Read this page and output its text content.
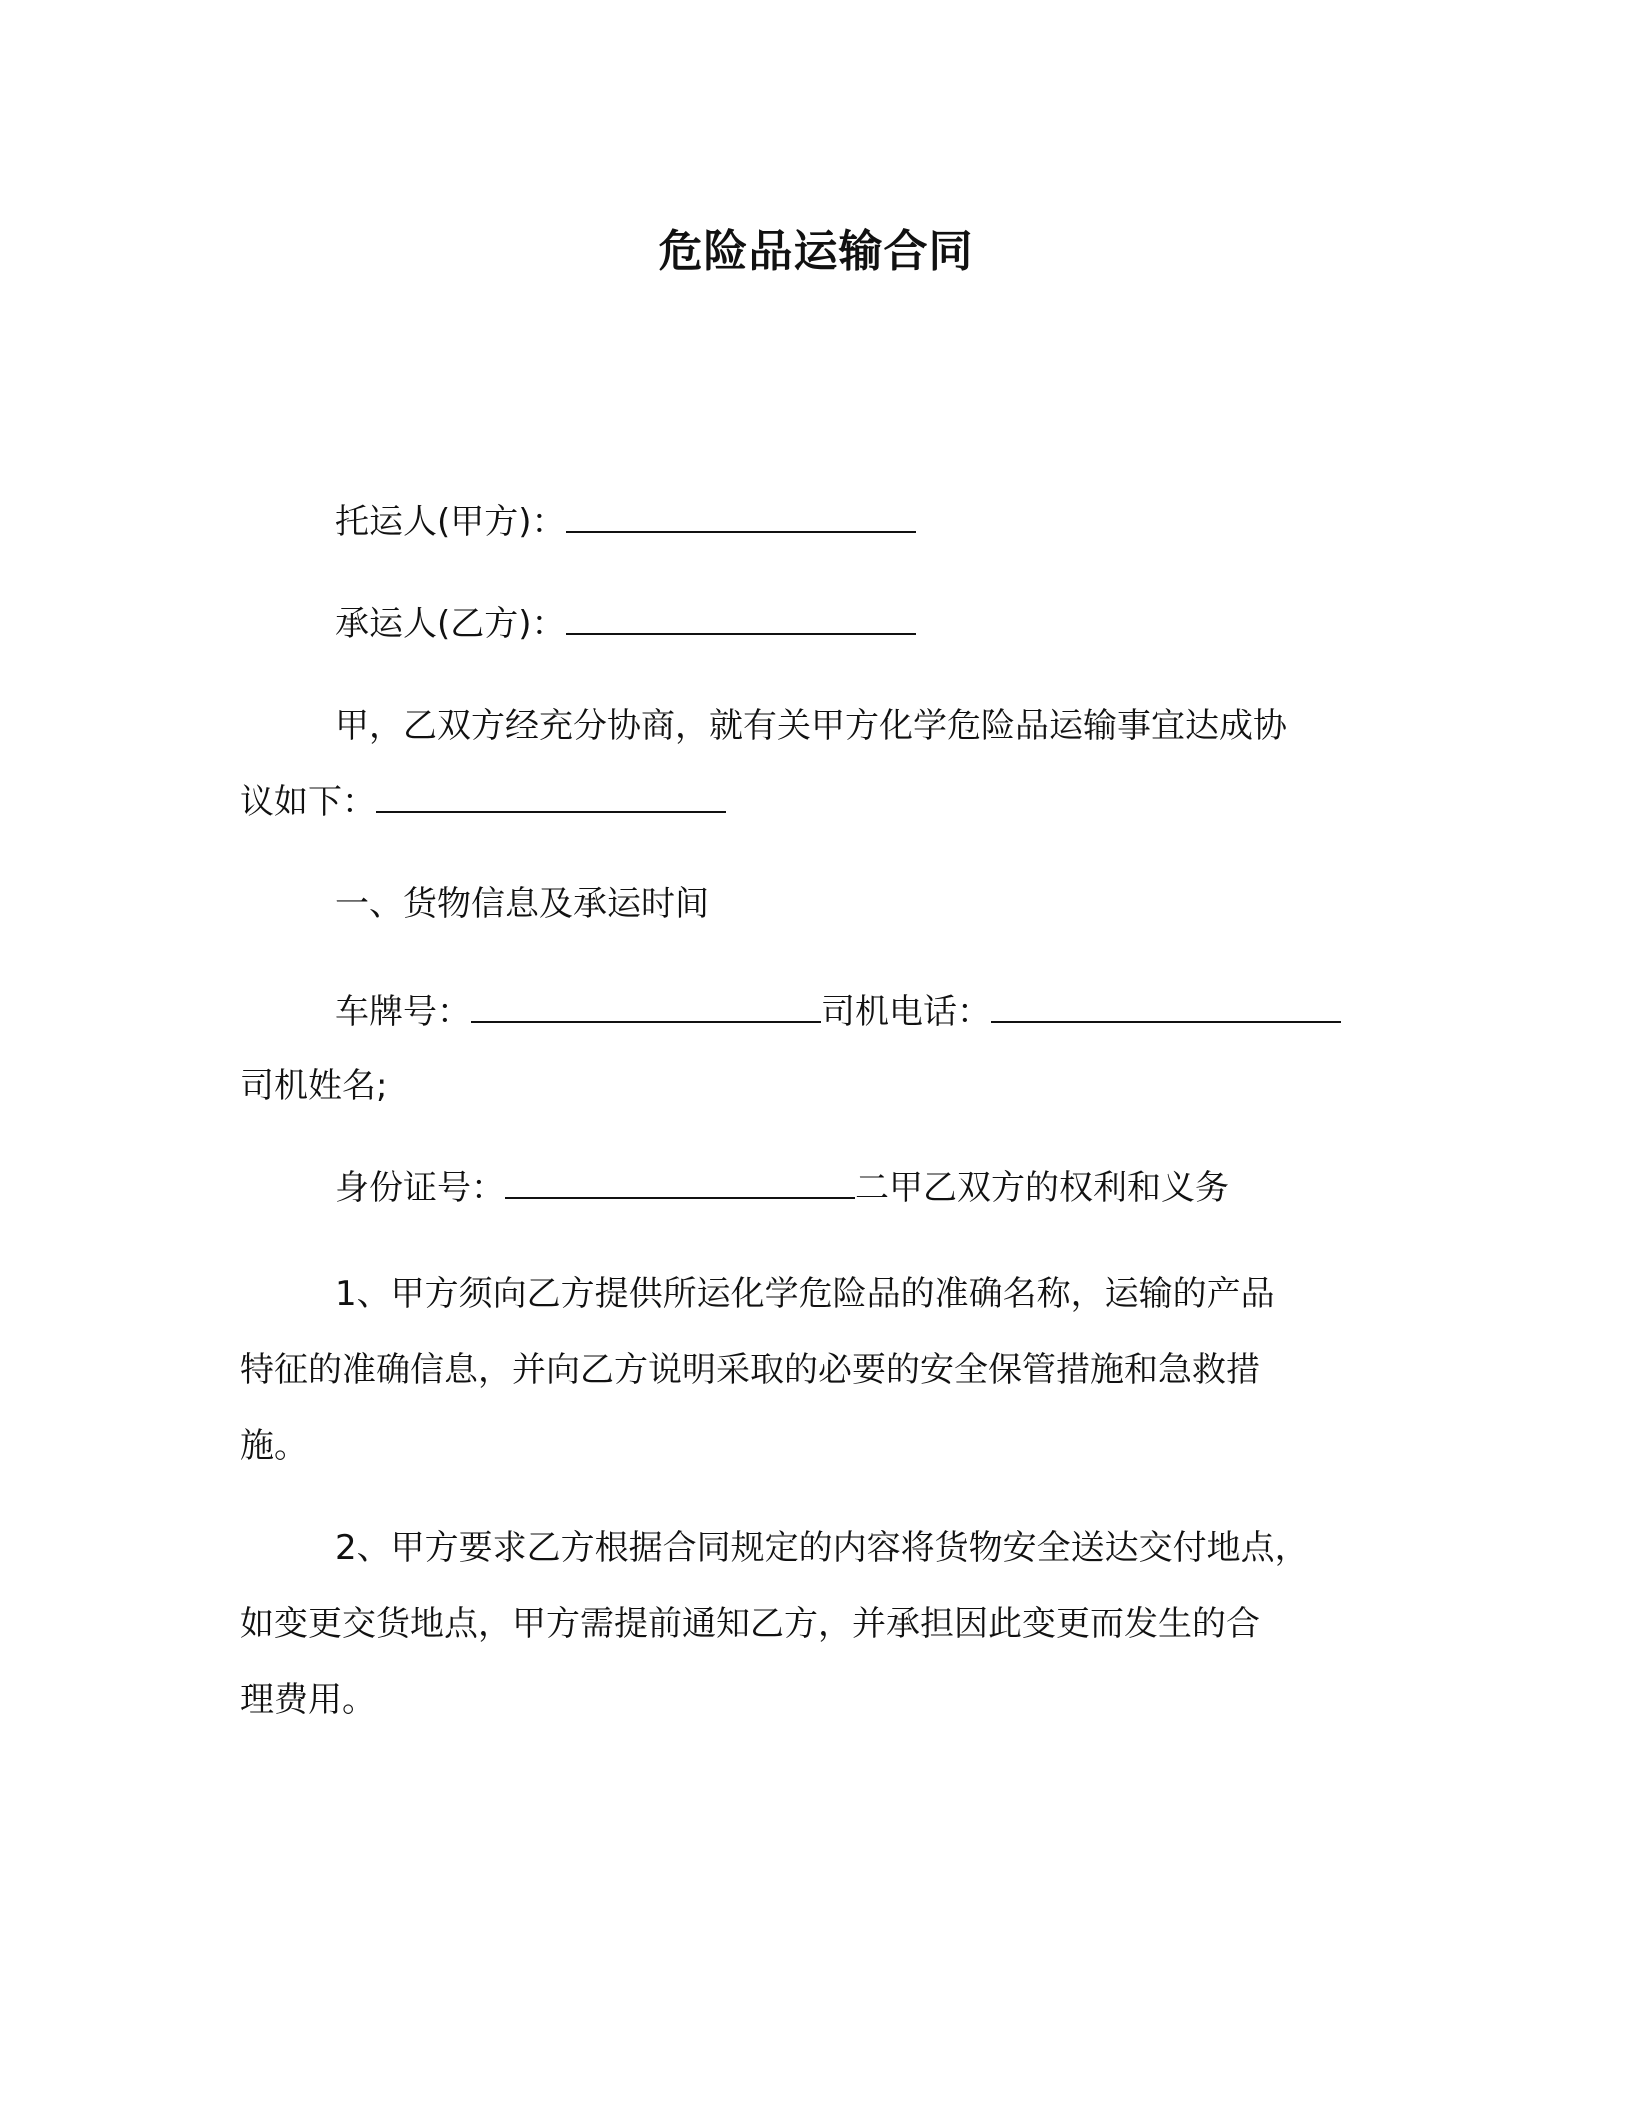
危险品运输合同
托运人(甲方)：
承运人(乙方)：
甲，乙双方经充分协商，就有关甲方化学危险品运输事宜达成协
议如下：
一、货物信息及承运时间
车牌号：	司机电话：
司机姓名;
身份证号：	二甲乙双方的权利和义务
1、甲方须向乙方提供所运化学危险品的准确名称，运输的产品
特征的准确信息，并向乙方说明采取的必要的安全保管措施和急救措
施。
2、甲方要求乙方根据合同规定的内容将货物安全送达交付地点，
如变更交货地点，甲方需提前通知乙方，并承担因此变更而发生的合
理费用。
